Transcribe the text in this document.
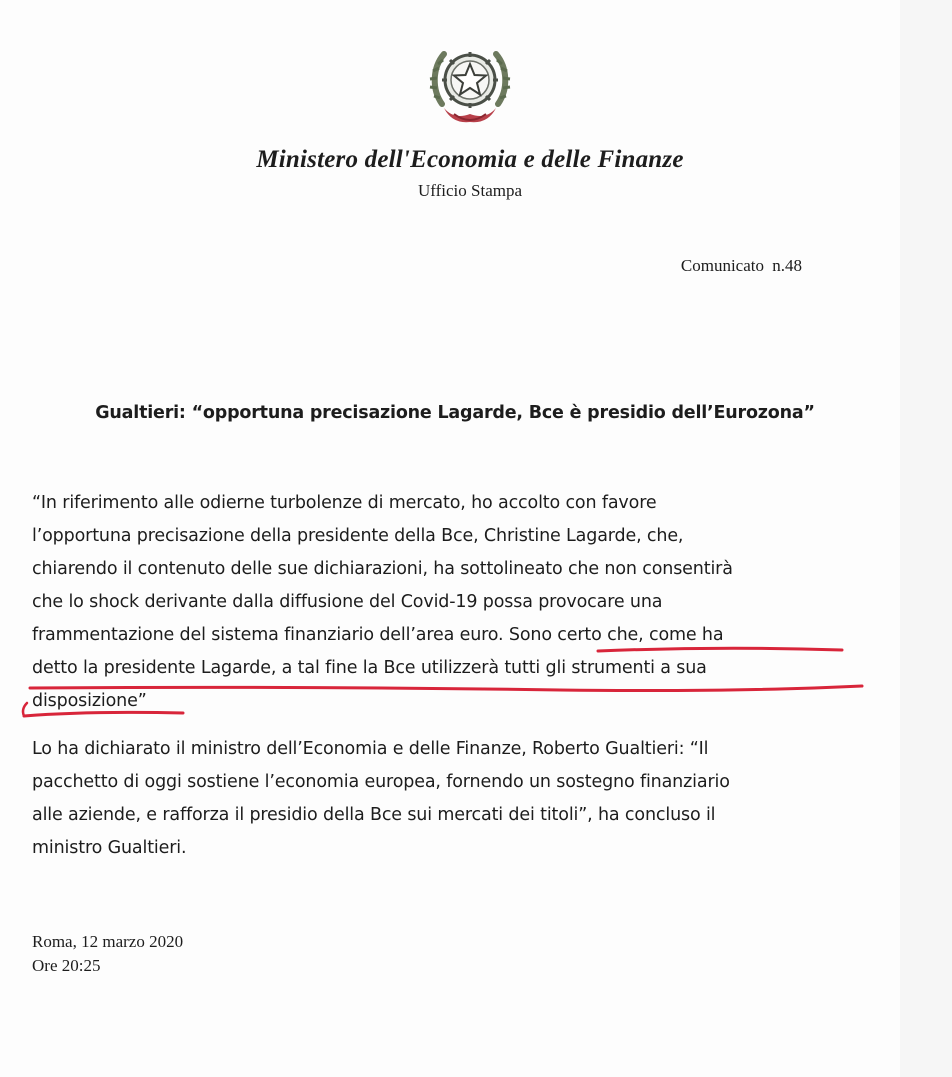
Ministero dell'Economia e delle Finanze
Ufficio Stampa
Comunicato n.48
Gualtieri: “opportuna precisazione Lagarde, Bce è presidio dell’Eurozona”
“In riferimento alle odierne turbolenze di mercato, ho accolto con favore
l’opportuna precisazione della presidente della Bce, Christine Lagarde, che,
chiarendo il contenuto delle sue dichiarazioni, ha sottolineato che non consentirà
che lo shock derivante dalla diffusione del Covid-19 possa provocare una
frammentazione del sistema finanziario dell’area euro. Sono certo che, come ha
detto la presidente Lagarde, a tal fine la Bce utilizzerà tutti gli strumenti a sua
disposizione”
Lo ha dichiarato il ministro dell’Economia e delle Finanze, Roberto Gualtieri: “Il
pacchetto di oggi sostiene l’economia europea, fornendo un sostegno finanziario
alle aziende, e rafforza il presidio della Bce sui mercati dei titoli”, ha concluso il
ministro Gualtieri.
Roma, 12 marzo 2020
Ore 20:25
